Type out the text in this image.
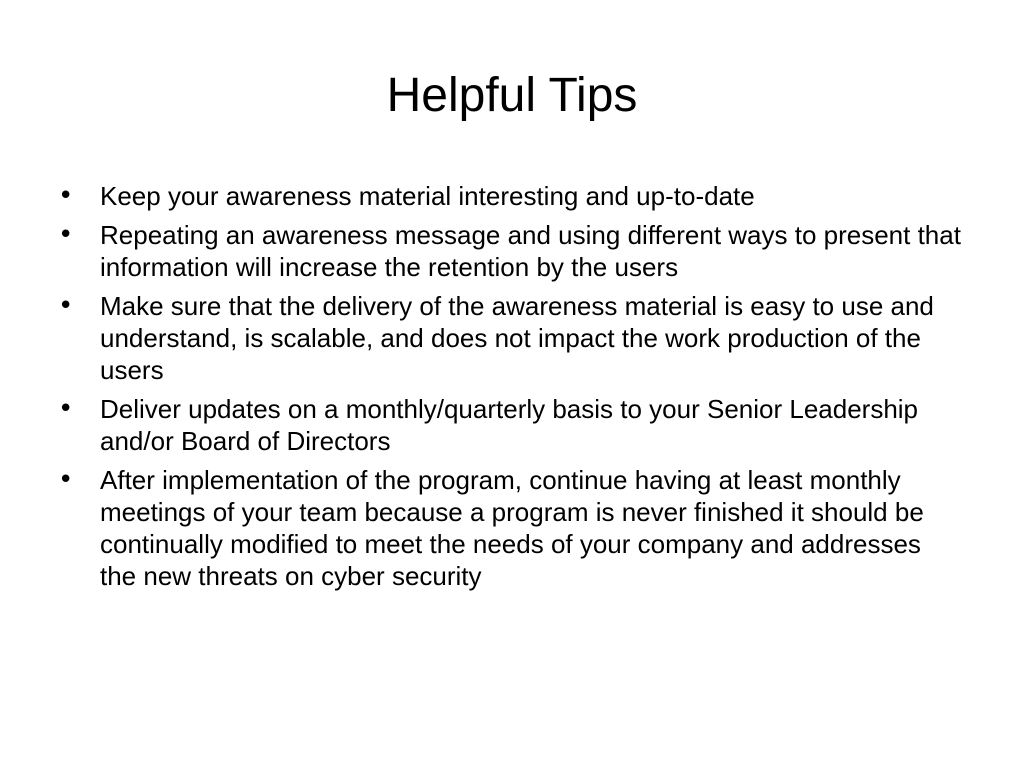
Helpful Tips
• Keep your awareness material interesting and up-to-date
• Repeating an awareness message and using different ways to present that information will increase the retention by the users
• Make sure that the delivery of the awareness material is easy to use and understand, is scalable, and does not impact the work production of the users
• Deliver updates on a monthly/quarterly basis to your Senior Leadership and/or Board of Directors
• After implementation of the program, continue having at least monthly meetings of your team because a program is never finished it should be continually modified to meet the needs of your company and addresses the new threats on cyber security
